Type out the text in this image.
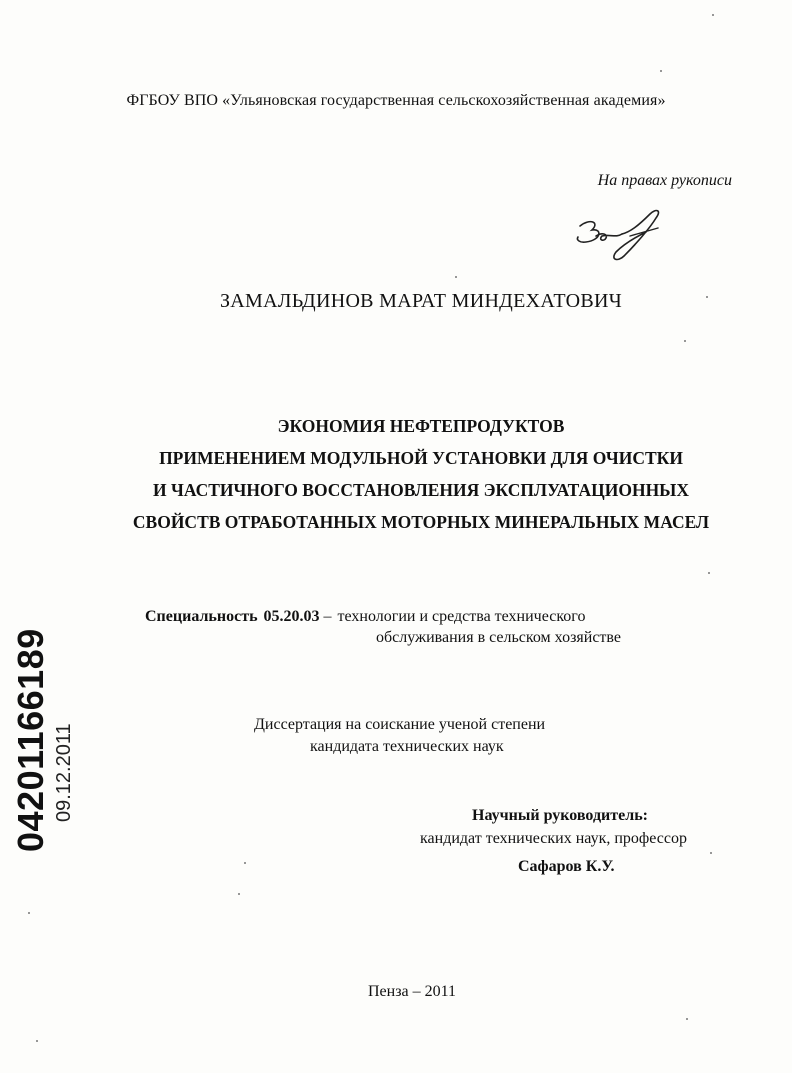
ФГБОУ ВПО «Ульяновская государственная сельскохозяйственная академия»
На правах рукописи
ЗАМАЛЬДИНОВ МАРАТ МИНДЕХАТОВИЧ
ЭКОНОМИЯ НЕФТЕПРОДУКТОВ
ПРИМЕНЕНИЕМ МОДУЛЬНОЙ УСТАНОВКИ ДЛЯ ОЧИСТКИ
И ЧАСТИЧНОГО ВОССТАНОВЛЕНИЯ ЭКСПЛУАТАЦИОННЫХ
СВОЙСТВ ОТРАБОТАННЫХ МОТОРНЫХ МИНЕРАЛЬНЫХ МАСЕЛ
Специальность 05.20.03 – технологии и средства технического
обслуживания в сельском хозяйстве
Диссертация на соискание ученой степени
кандидата технических наук
Научный руководитель:
кандидат технических наук, профессор
Сафаров К.У.
Пенза – 2011
04201166189 09.12.2011
